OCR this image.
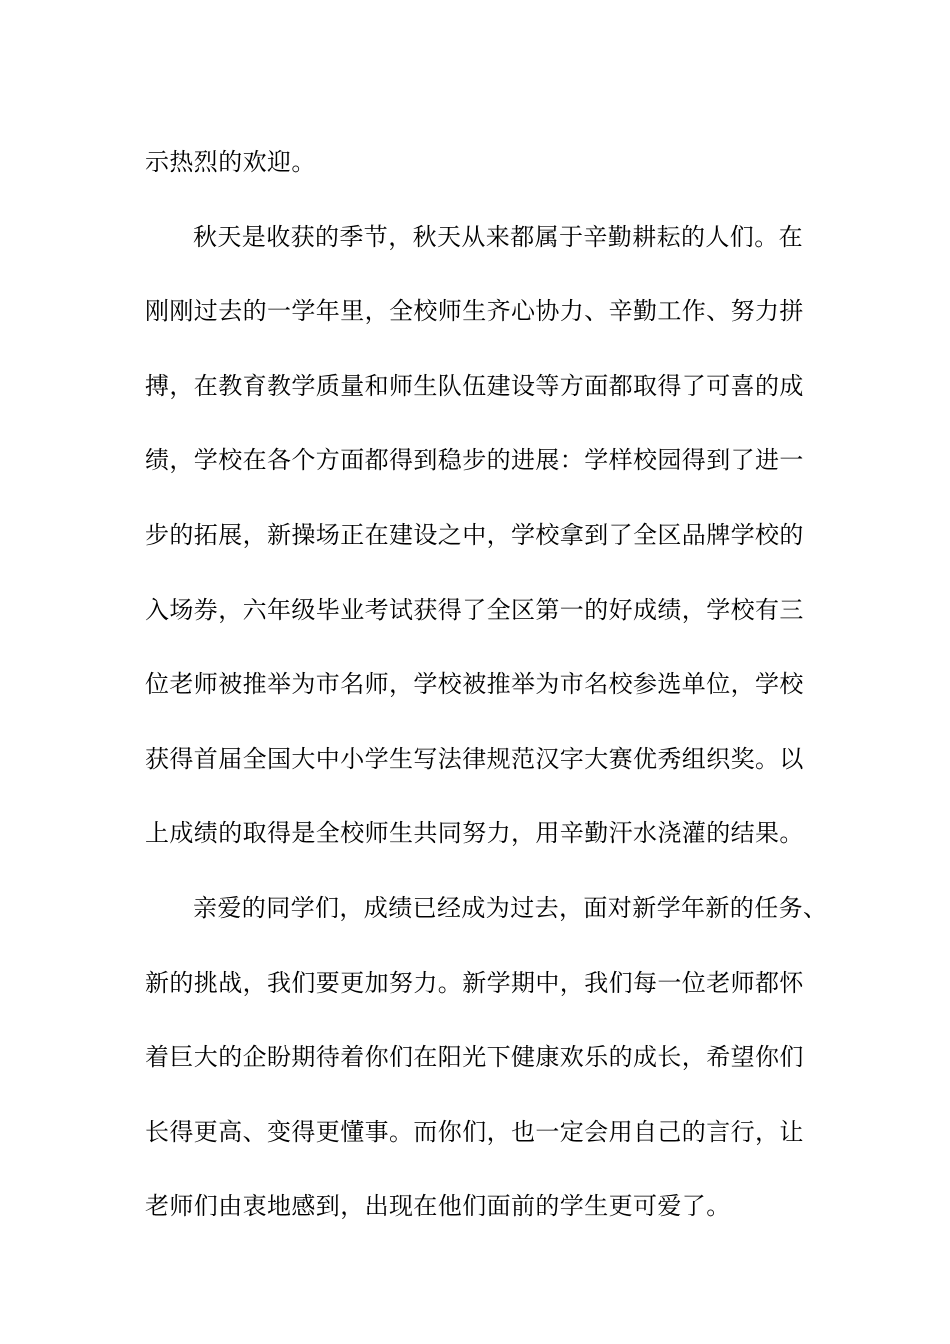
示热烈的欢迎。
秋天是收获的季节，秋天从来都属于辛勤耕耘的人们。在
刚刚过去的一学年里，全校师生齐心协力、辛勤工作、努力拼
搏，在教育教学质量和师生队伍建设等方面都取得了可喜的成
绩，学校在各个方面都得到稳步的进展：学样校园得到了进一
步的拓展，新操场正在建设之中，学校拿到了全区品牌学校的
入场券，六年级毕业考试获得了全区第一的好成绩，学校有三
位老师被推举为市名师，学校被推举为市名校参选单位，学校
获得首届全国大中小学生写法律规范汉字大赛优秀组织奖。以
上成绩的取得是全校师生共同努力，用辛勤汗水浇灌的结果。
亲爱的同学们，成绩已经成为过去，面对新学年新的任务、
新的挑战，我们要更加努力。新学期中，我们每一位老师都怀
着巨大的企盼期待着你们在阳光下健康欢乐的成长，希望你们
长得更高、变得更懂事。而你们，也一定会用自己的言行，让
老师们由衷地感到，出现在他们面前的学生更可爱了。
